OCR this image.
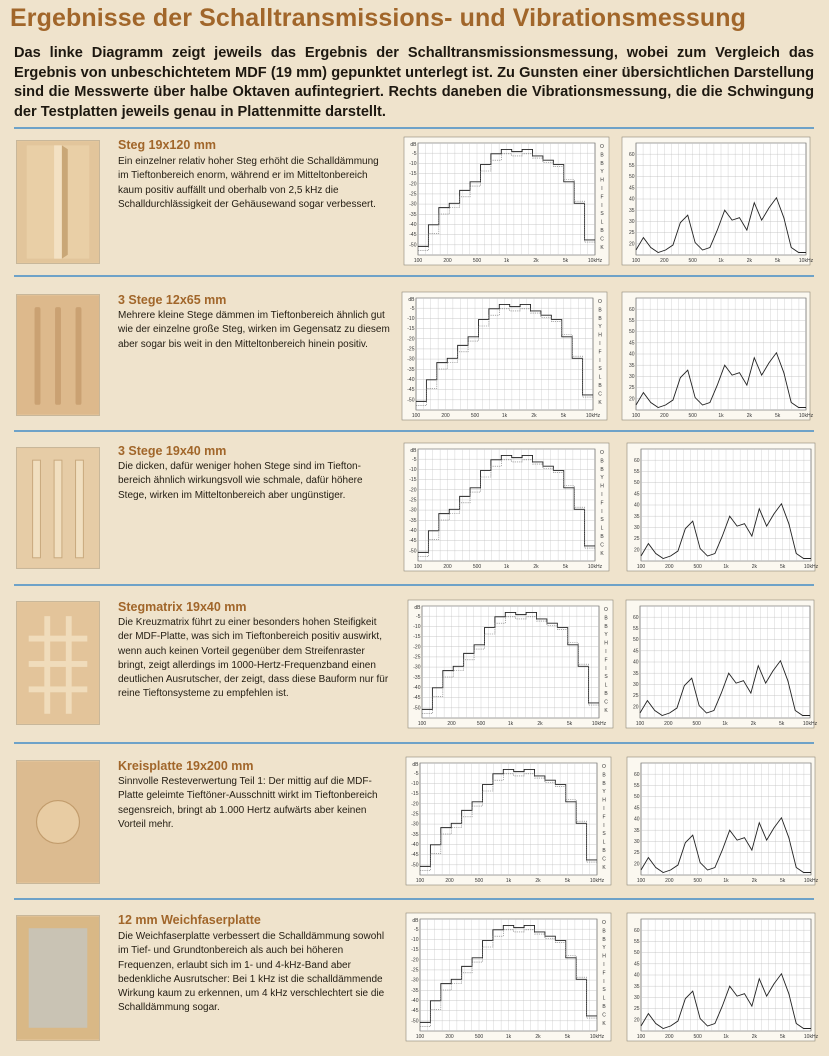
Ergebnisse der Schalltransmissions- und Vibrationsmessung

Das linke Diagramm zeigt jeweils das Ergebnis der Schalltransmissionsmessung, wobei zum Vergleich das Ergebnis von unbeschichtetem MDF (19 mm) gepunktet unterlegt ist. Zu Gunsten einer übersichtlichen Darstellung sind die Messwerte über halbe Oktaven aufintegriert. Rechts daneben die Vibrationsmessung, die die Schwingung der Testplatten jeweils genau in Plattenmitte darstellt.

Steg 19x120 mm

Ein einzelner relativ hoher Steg erhöht die Schalldämmung im Tieftonbereich enorm, während er im Mitteltonbereich kaum positiv auffällt und oberhalb von 2,5 kHz die Schalldurchlässigkeit der Gehäusewand sogar verbessert.

-5
-10
-15
-20
-25
-30
-35
-40
-45
-50
dB
100	200	500	1k	2k	5k	10kHz
O
B
B
Y
H
I
F
I
S
L
B
C
K
60
55
50
45
40
35
30
25
20
100	200	500	1k	2k	5k	10kHz
3 Stege 12x65 mm

Mehrere kleine Stege dämmen im Tieftonbereich ähnlich gut wie der einzelne große Steg, wirken im Gegensatz zu diesem aber sogar bis weit in den Mitteltonbereich hinein positiv.

-5
-10
-15
-20
-25
-30
-35
-40
-45
-50
dB
100	200	500	1k	2k	5k	10kHz
O
B
B
Y
H
I
F
I
S
L
B
C
K
60
55
50
45
40
35
30
25
20
100	200	500	1k	2k	5k	10kHz
3 Stege 19x40 mm

Die dicken, dafür weniger hohen Stege sind im Tieftonbereich ähnlich wirkungsvoll wie schmale, dafür höhere Stege, wirken im Mitteltonbereich aber ungünstiger.

-5
-10
-15
-20
-25
-30
-35
-40
-45
-50
dB
100	200	500	1k	2k	5k	10kHz
O
B
B
Y
H
I
F
I
S
L
B
C
K
60
55
50
45
40
35
30
25
20
100	200	500	1k	2k	5k	10kHz
Stegmatrix 19x40 mm

Die Kreuzmatrix führt zu einer besonders hohen Steifigkeit der MDF-Platte, was sich im Tieftonbereich positiv auswirkt, wenn auch keinen Vorteil gegenüber dem Streifenraster bringt, zeigt allerdings im 1000-Hertz-Frequenzband einen deutlichen Ausrutscher, der zeigt, dass diese Bauform nur für reine Tieftonsysteme zu empfehlen ist.

-5
-10
-15
-20
-25
-30
-35
-40
-45
-50
dB
100	200	500	1k	2k	5k	10kHz
O
B
B
Y
H
I
F
I
S
L
B
C
K
60
55
50
45
40
35
30
25
20
100	200	500	1k	2k	5k	10kHz
Kreisplatte 19x200 mm

Sinnvolle Resteverwertung Teil 1: Der mittig auf die MDF-Platte geleimte Tieftöner-Ausschnitt wirkt im Tieftonbereich segensreich, bringt ab 1.000 Hertz aufwärts aber keinen Vorteil mehr.

-5
-10
-15
-20
-25
-30
-35
-40
-45
-50
dB
100	200	500	1k	2k	5k	10kHz
O
B
B
Y
H
I
F
I
S
L
B
C
K
60
55
50
45
40
35
30
25
20
100	200	500	1k	2k	5k	10kHz
12 mm Weichfaserplatte

Die Weichfaserplatte verbessert die Schalldämmung sowohl im Tief- und Grundtonbereich als auch bei höheren Frequenzen, erlaubt sich im 1- und 4-kHz-Band aber bedenkliche Ausrutscher: Bei 1 kHz ist die schalldämmende Wirkung kaum zu erkennen, um 4 kHz verschlechtert sie die Schalldämmung sogar.

-5
-10
-15
-20
-25
-30
-35
-40
-45
-50
dB
100	200	500	1k	2k	5k	10kHz
O
B
B
Y
H
I
F
I
S
L
B
C
K
60
55
50
45
40
35
30
25
20
100	200	500	1k	2k	5k	10kHz
